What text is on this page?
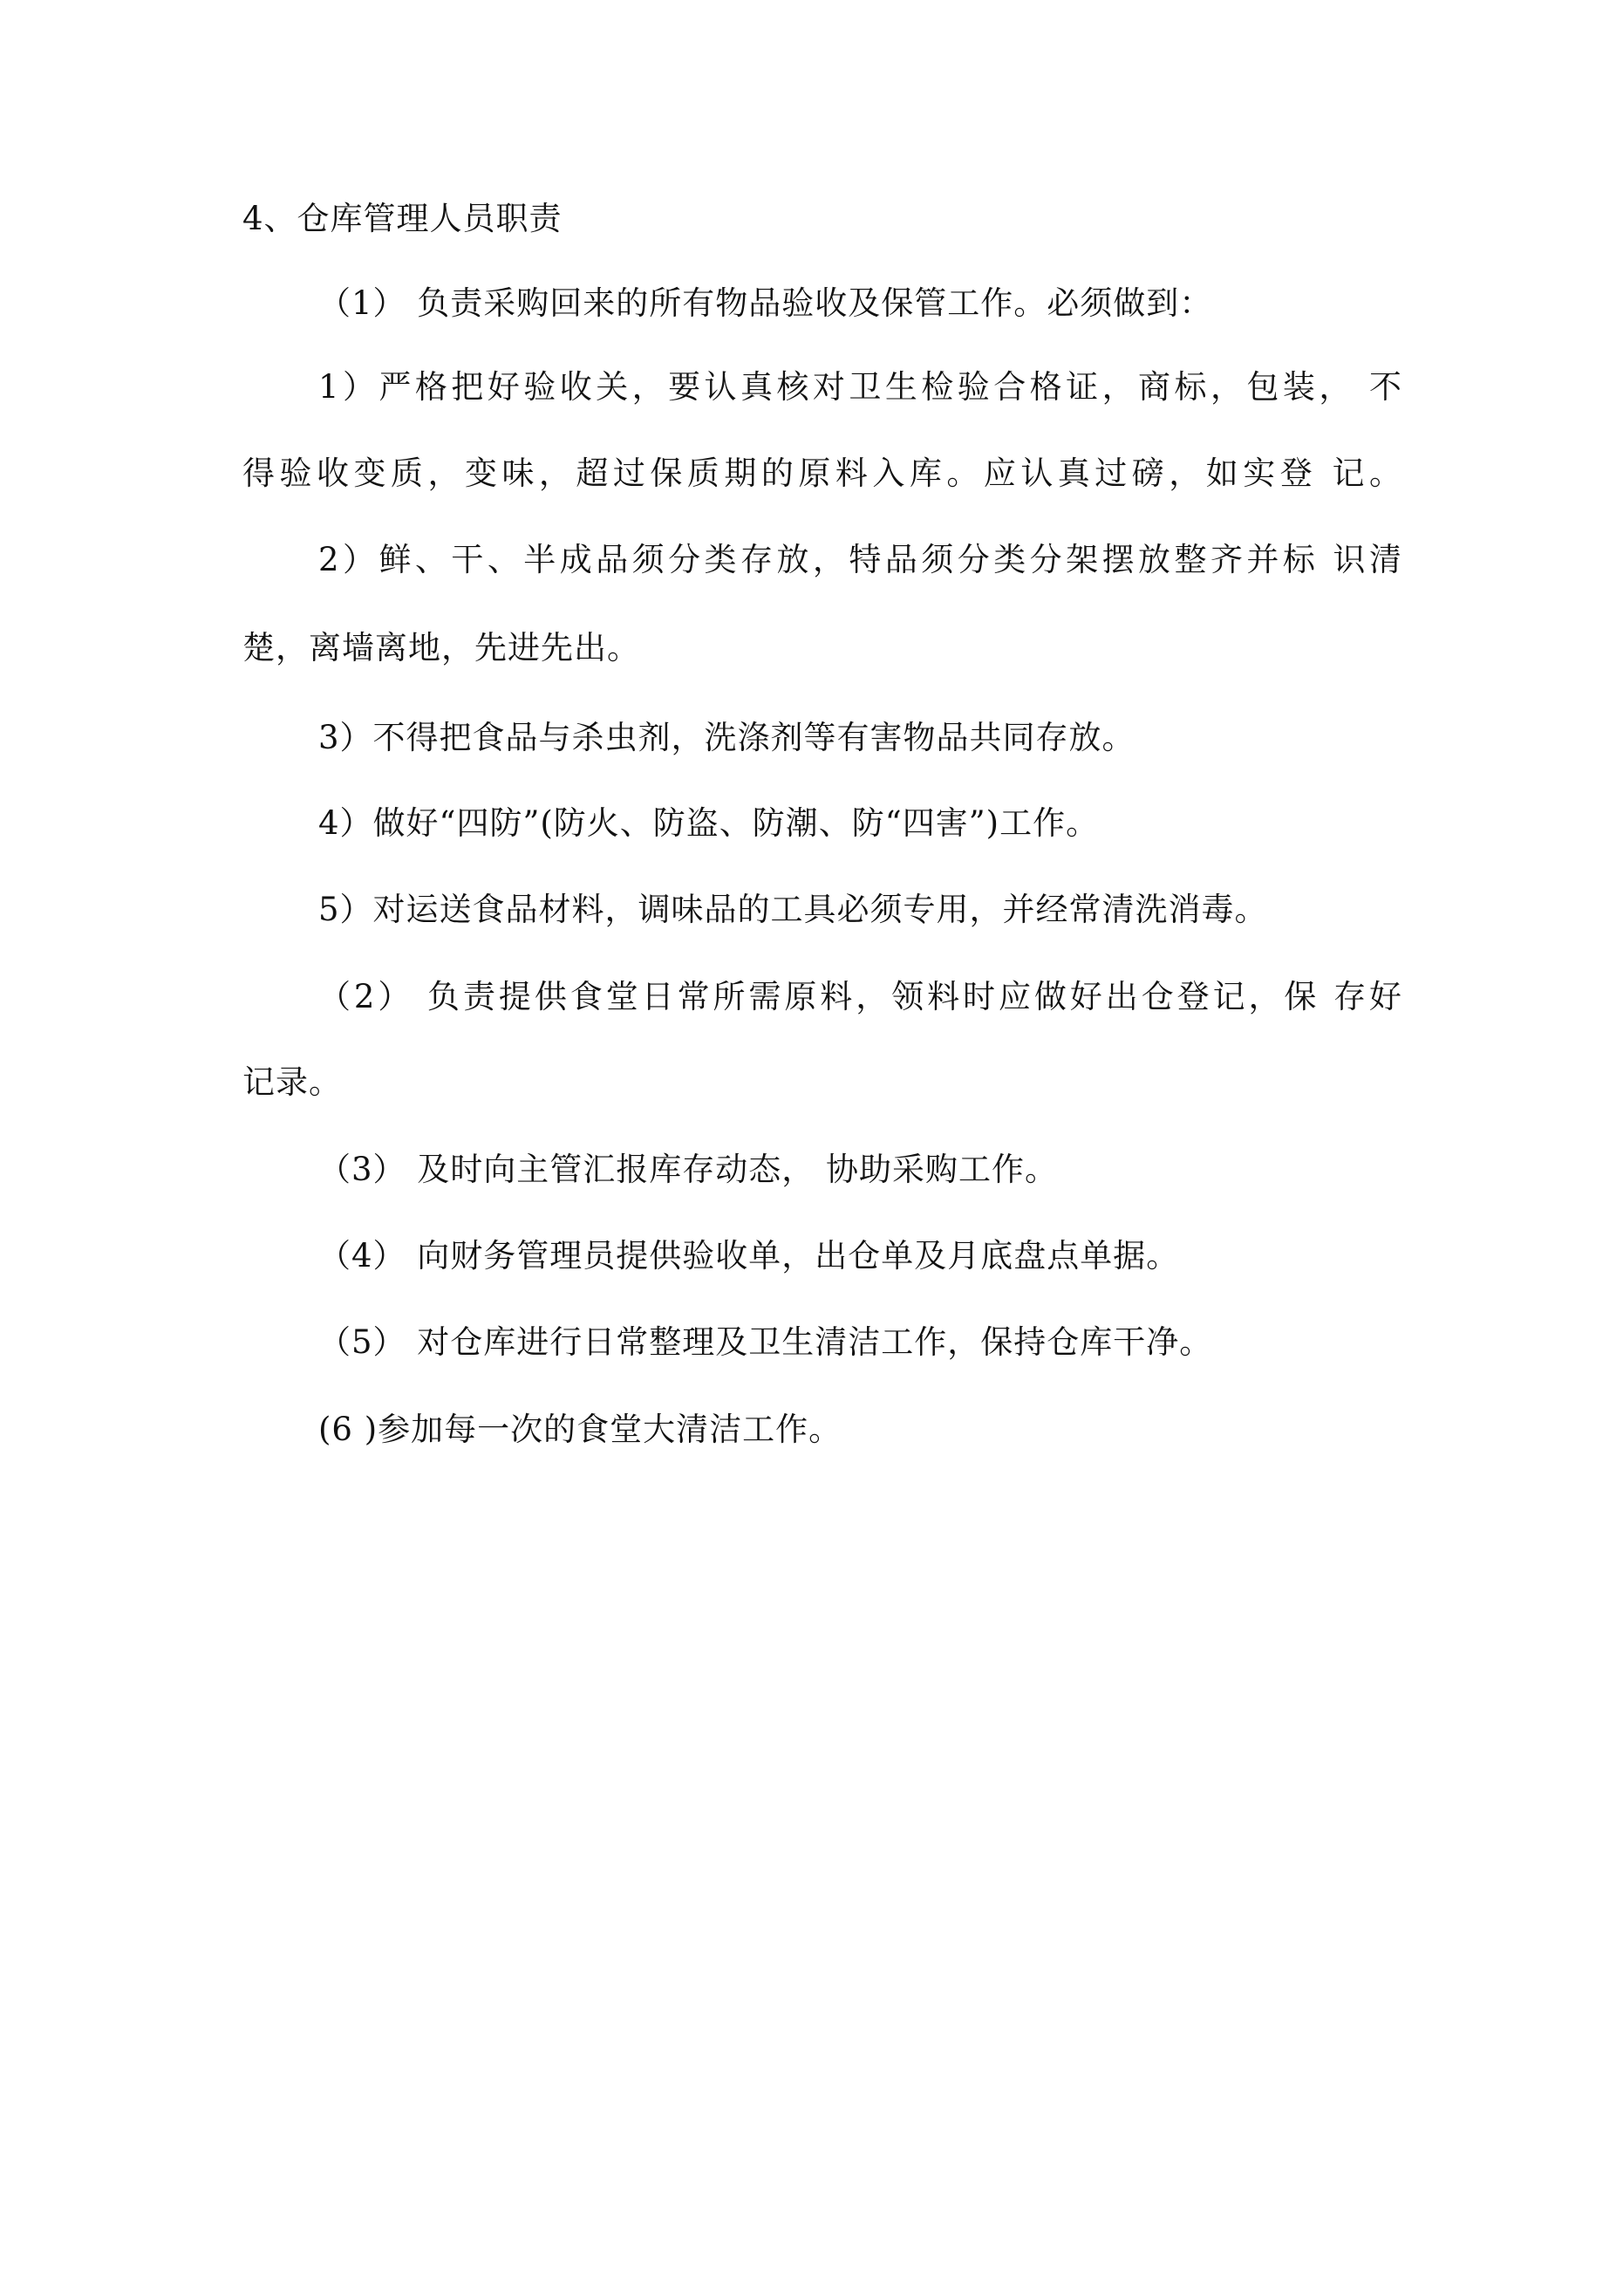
4、仓库管理人员职责
（1） 负责采购回来的所有物品验收及保管工作。必须做到：
1）严格把好验收关，要认真核对卫生检验合格证，商标，包装， 不
得验收变质，变味，超过保质期的原料入库。应认真过磅，如实登 记。
2）鲜、干、半成品须分类存放，特品须分类分架摆放整齐并标 识清
楚，离墙离地，先进先出。
3）不得把食品与杀虫剂，洗涤剂等有害物品共同存放。
4）做好“四防”(防火、防盗、防潮、防“四害”)工作。
5）对运送食品材料，调味品的工具必须专用，并经常清洗消毒。
（2） 负责提供食堂日常所需原料，领料时应做好出仓登记，保 存好
记录。
（3） 及时向主管汇报库存动态， 协助采购工作。
（4） 向财务管理员提供验收单，出仓单及月底盘点单据。
（5） 对仓库进行日常整理及卫生清洁工作，保持仓库干净。
(6 )参加每一次的食堂大清洁工作。
